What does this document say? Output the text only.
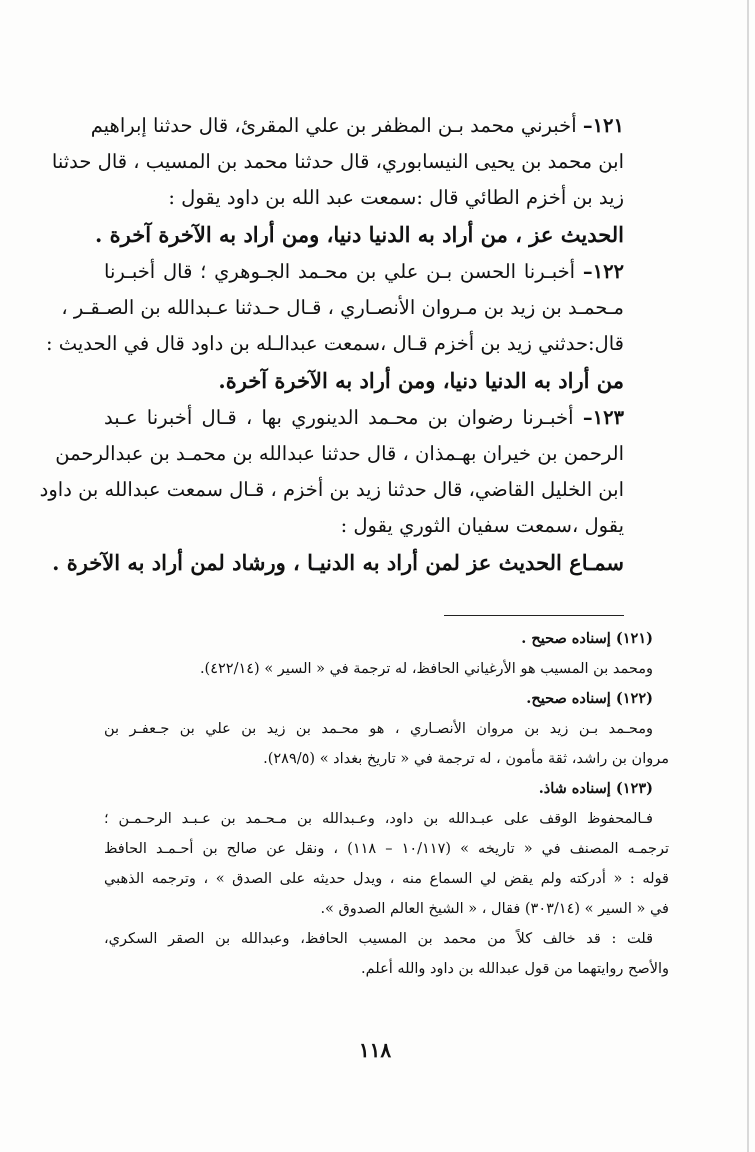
١٢١– أخبرني محمد بـن المظفر بن علي المقرئ، قال حدثنا إبراهيم
ابن محمد بن يحيى النيسابوري، قال حدثنا محمد بن المسيب ، قال حدثنا
زيد بن أخزم الطائي قال :سمعت عبد الله بن داود يقول :
الحديث عز ، من أراد به الدنيا دنيا، ومن أراد به الآخرة آخرة .
١٢٢– أخبـرنا الحسن بـن علي بن محـمد الجـوهري ؛ قال أخبـرنا
مـحمـد بن زيد بن مـروان الأنصـاري ، قـال حـدثنا عـبدالله بن الصـقـر ،
قال:حدثني زيد بن أخزم قـال ،سمعت عبدالـله بن داود قال في الحديث :
من أراد به الدنيا دنيا، ومن أراد به الآخرة آخرة.
١٢٣– أخبـرنا رضوان بن محـمد الدينوري بها ، قـال أخبرنا عـبد
الرحمن بن خيران بهـمذان ، قال حدثنا عبدالله بن محمـد بن عبدالرحمن
ابن الخليل القاضي، قال حدثنا زيد بن أخزم ، قـال سمعت عبدالله بن داود
يقول ،سمعت سفيان الثوري يقول :
سمـاع الحديث عز لمن أراد به الدنيـا ، ورشاد لمن أراد به الآخرة .
(١٢١) إسناده صحيح .
ومحمد بن المسيب هو الأرغياني الحافظ، له ترجمة في « السير » (٤٢٢/١٤).
(١٢٢) إسناده صحيح.
ومحـمد بـن زيد بن مروان الأنصـاري ، هو محـمد بن زيد بن علي بن جـعفـر بن
مروان بن راشد، ثقة مأمون ، له ترجمة في « تاريخ بغداد » (٢٨٩/٥).
(١٢٣) إسناده شاذ.
فـالمحفوظ الوقف على عبـدالله بن داود، وعـبدالله بن مـحـمد بن عـبـد الرحـمـن ؛
ترجمـه المصنف في « تاريخه » (١٠/١١٧ – ١١٨) ، ونقل عن صالح بن أحـمـد الحافظ
قوله : « أدركته ولم يقض لي السماع منه ، ويدل حديثه على الصدق » ، وترجمه الذهبي
في « السير » (٣٠٣/١٤) فقال ، « الشيخ العالم الصدوق ».
قلت : قد خالف كلاً من محمد بن المسيب الحافظ، وعبدالله بن الصقر السكري،
والأصح روايتهما من قول عبدالله بن داود والله أعلم.
١١٨
